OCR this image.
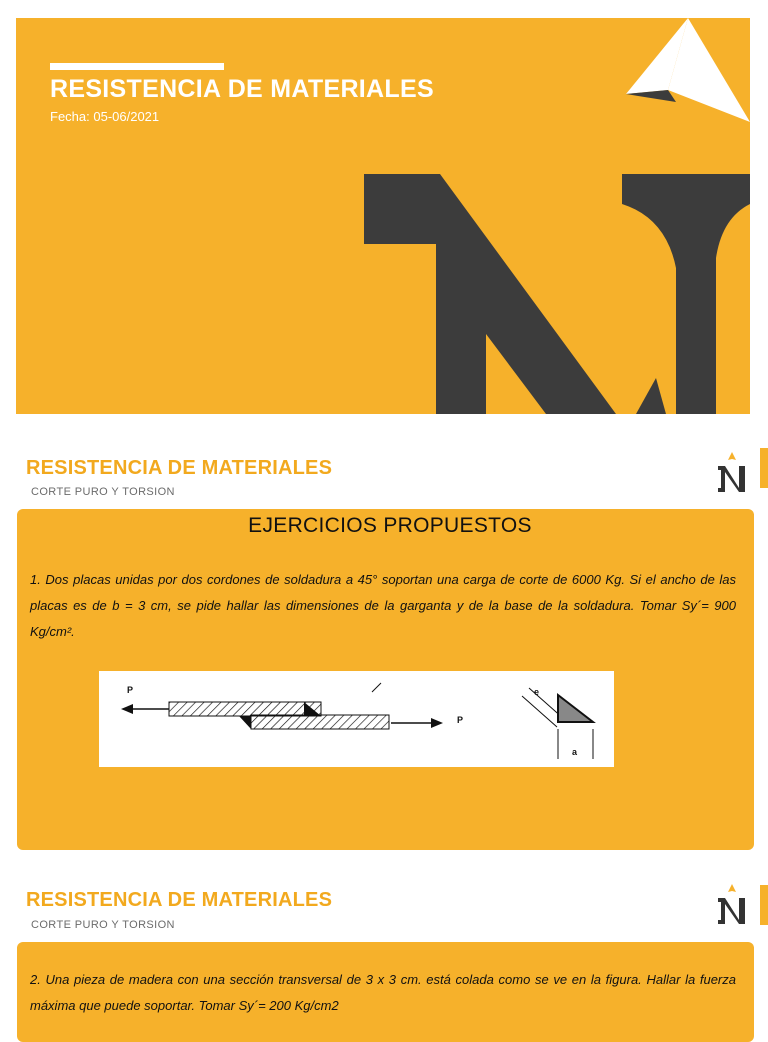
RESISTENCIA DE MATERIALES
Fecha: 05-06/2021
RESISTENCIA DE MATERIALES
CORTE PURO Y TORSION
EJERCICIOS PROPUESTOS
1. Dos placas unidas por dos cordones de soldadura a 45° soportan una carga de corte de 6000 Kg. Si el ancho de las placas es de b = 3 cm, se pide hallar las dimensiones de la garganta y de la base de la soldadura. Tomar Sy´= 900 Kg/cm².
P
P
e
a
RESISTENCIA DE MATERIALES
CORTE PURO Y TORSION
2. Una pieza de madera con una sección transversal de 3 x 3 cm. está colada como se ve en la figura. Hallar la fuerza máxima que puede soportar. Tomar Sy´= 200 Kg/cm2
